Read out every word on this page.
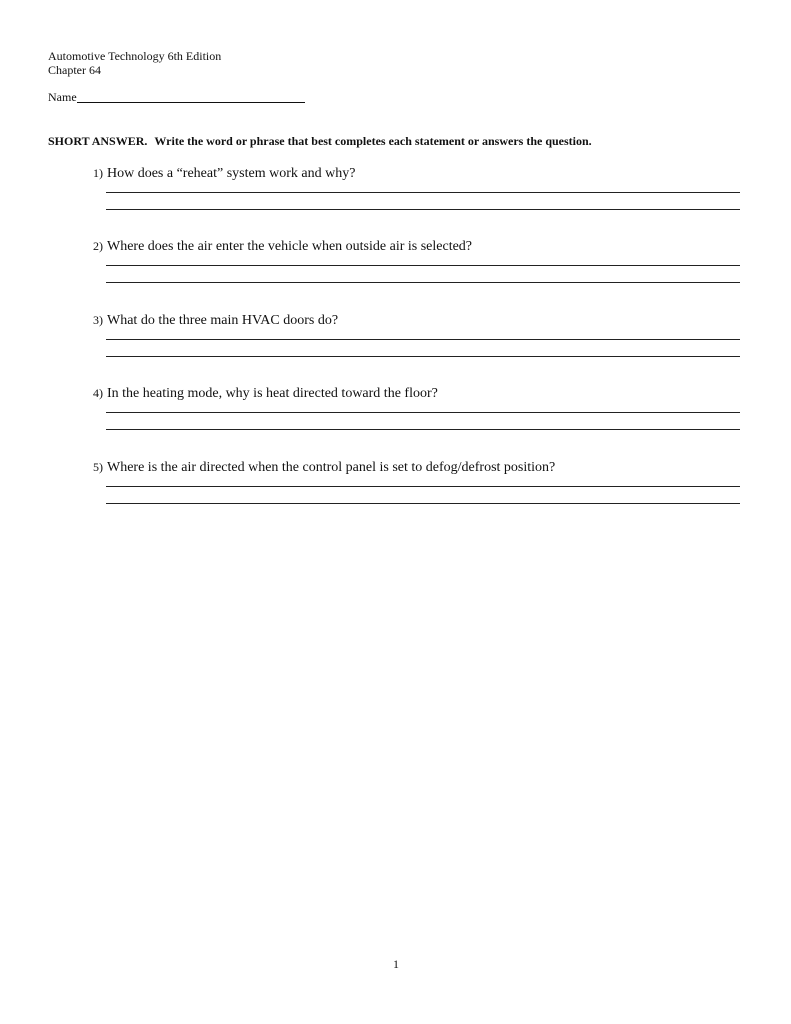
Automotive Technology 6th Edition
Chapter 64
Name
SHORT ANSWER. Write the word or phrase that best completes each statement or answers the question.
1) How does a “reheat” system work and why?
2) Where does the air enter the vehicle when outside air is selected?
3) What do the three main HVAC doors do?
4) In the heating mode, why is heat directed toward the floor?
5) Where is the air directed when the control panel is set to defog/defrost position?
1
